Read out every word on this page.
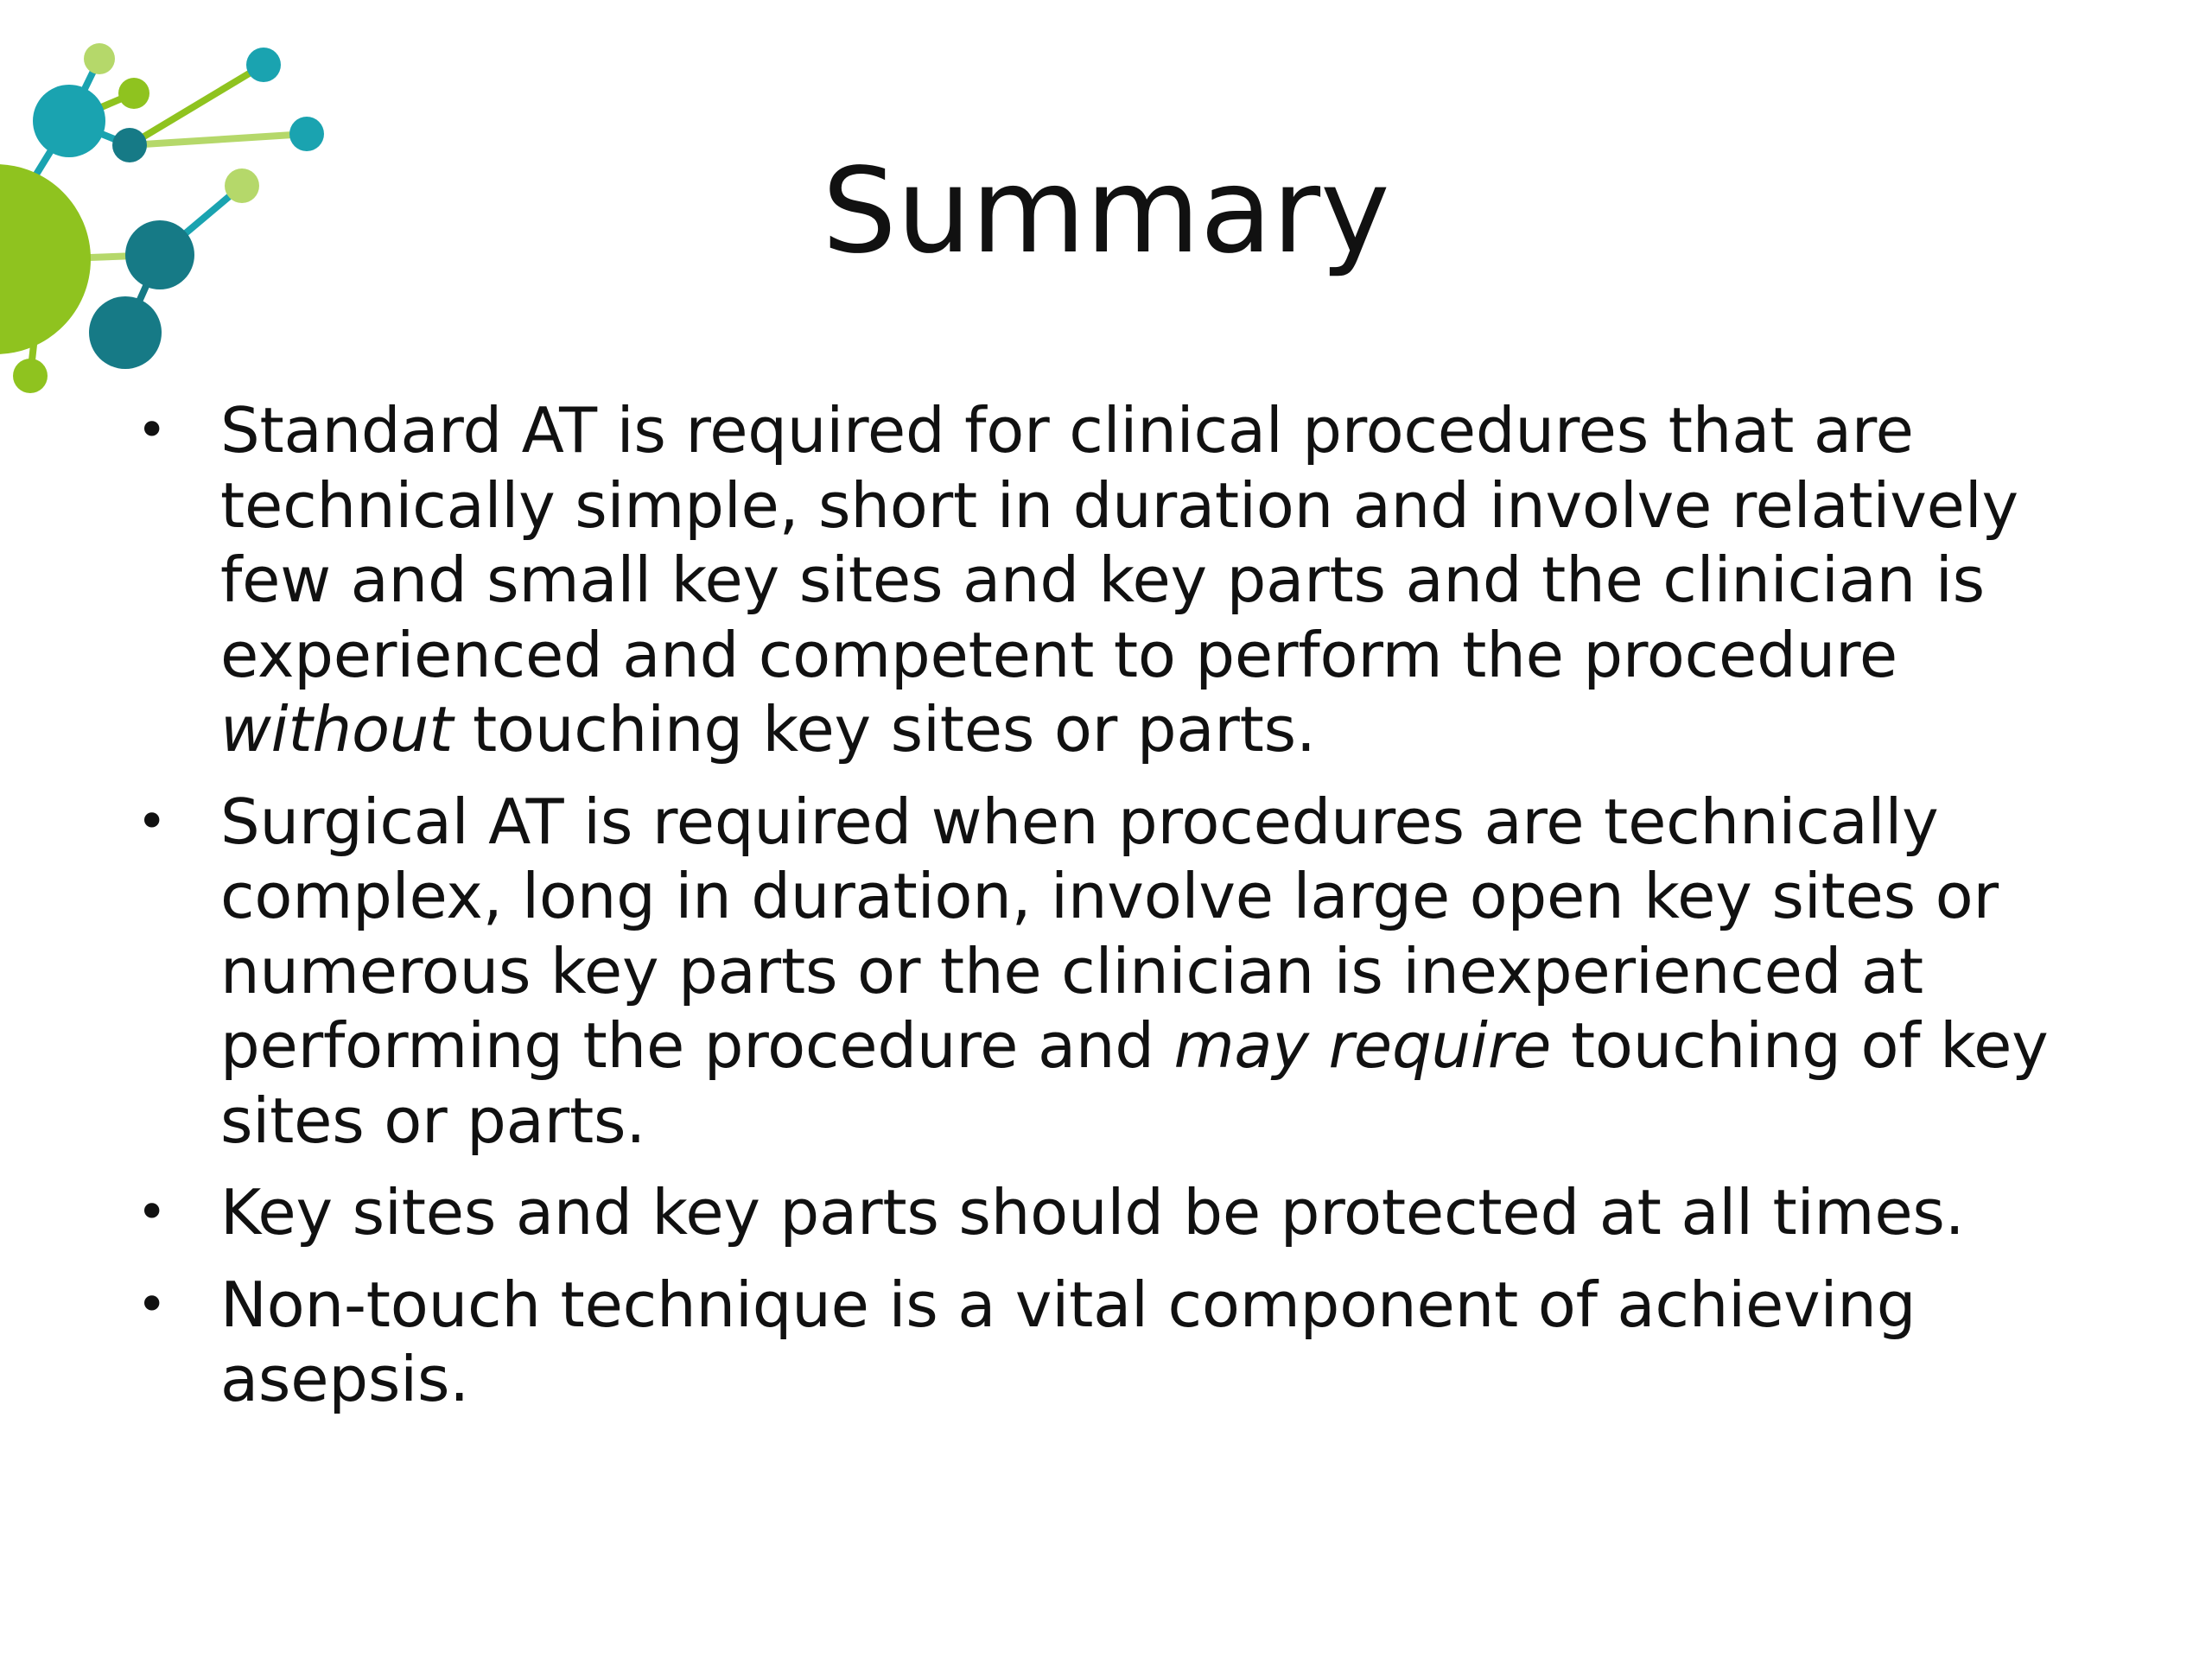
Summary
• Standard AT is required for clinical procedures that are technically simple, short in duration and involve relatively few and small key sites and key parts and the clinician is experienced and competent to perform the procedure without touching key sites or parts.
• Surgical AT is required when procedures are technically complex, long in duration, involve large open key sites or numerous key parts or the clinician is inexperienced at performing the procedure and may require touching of key sites or parts.
• Key sites and key parts should be protected at all times.
• Non-touch technique is a vital component of achieving asepsis.
